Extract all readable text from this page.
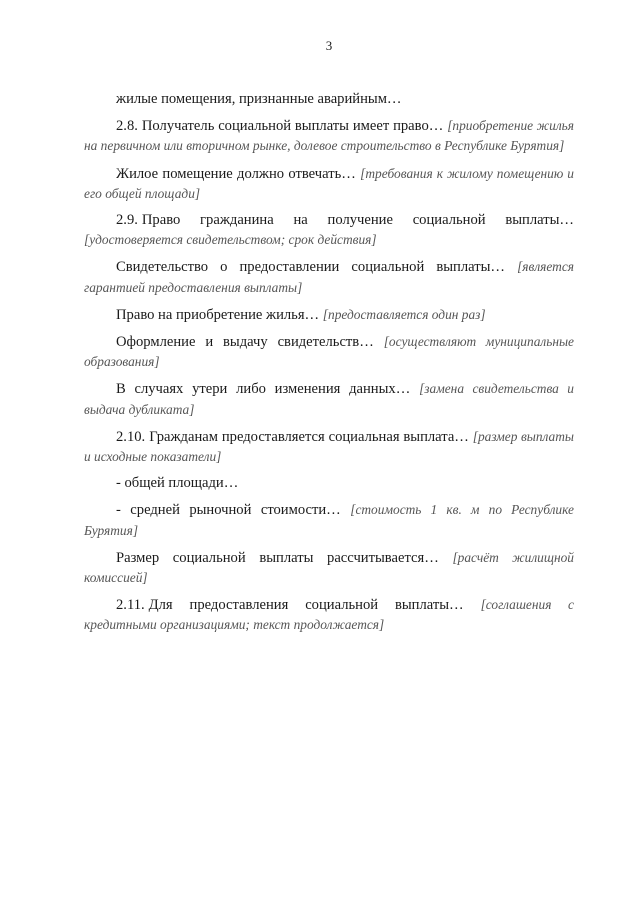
3

жилые помещения, признанные аварийным…

2.8. Получатель социальной выплаты имеет право… [приобретение жилья на первичном или вторичном рынке, долевое строительство в Республике Бурятия]

Жилое помещение должно отвечать… [требования к жилому помещению и его общей площади]

2.9. Право гражданина на получение социальной выплаты… [удостоверяется свидетельством; срок действия]

Свидетельство о предоставлении социальной выплаты… [является гарантией предоставления выплаты]

Право на приобретение жилья… [предоставляется один раз]

Оформление и выдачу свидетельств… [осуществляют муниципальные образования]

В случаях утери либо изменения данных… [замена свидетельства и выдача дубликата]

2.10. Гражданам предоставляется социальная выплата… [размер выплаты и исходные показатели]

- общей площади…

- средней рыночной стоимости… [стоимость 1 кв. м по Республике Бурятия]

Размер социальной выплаты рассчитывается… [расчёт жилищной комиссией]

2.11. Для предоставления социальной выплаты… [соглашения с кредитными организациями; текст продолжается]
